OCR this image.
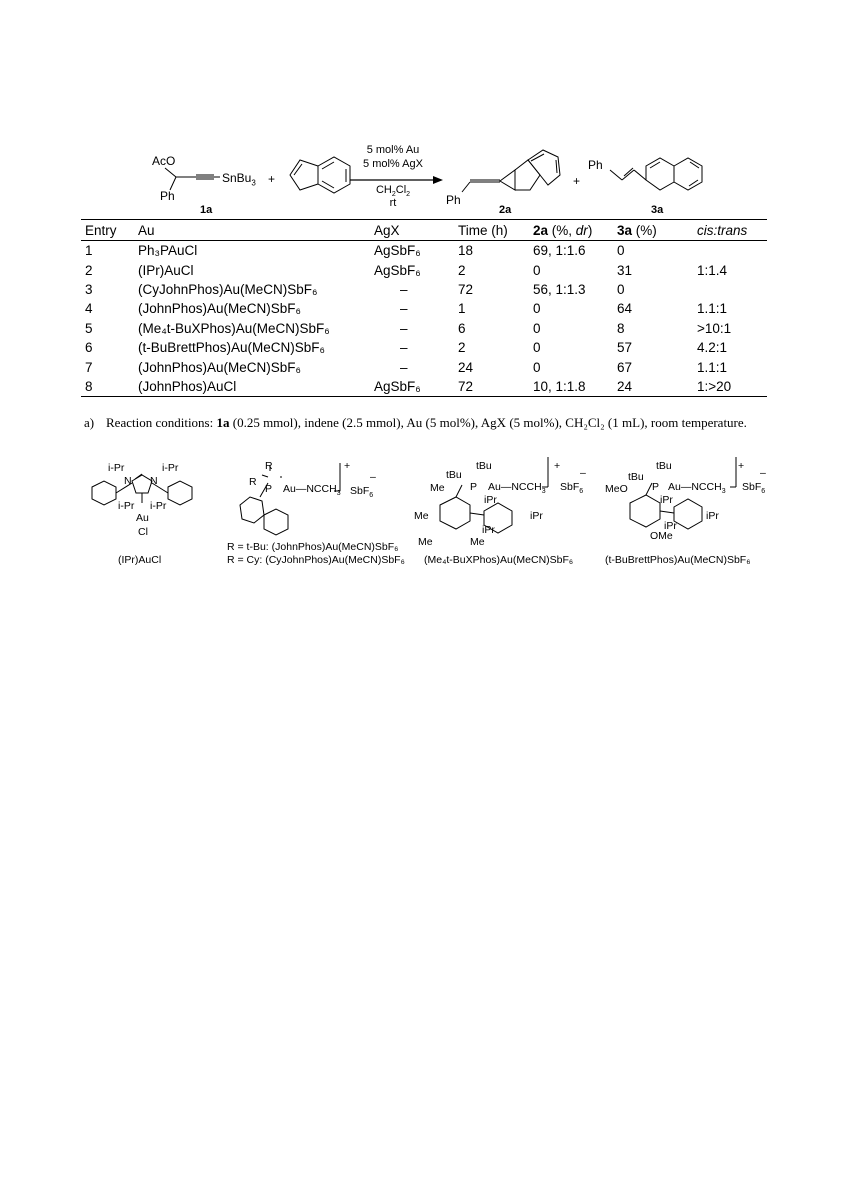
AcO
Ph
SnBu$_3$
1a
+
5 mol% Au
5 mol% AgX
$CH_2Cl_2$
rt	Ph
2a
+
Ph
3a
Entry	Au	AgX	Time (h)	2a (%, dr)	3a (%)	cis:trans
1	Ph₃PAuCl	AgSbF₆	18	69, 1:1.6	0	
2	(IPr)AuCl	AgSbF₆	2	0	31	1:1.4
3	(CyJohnPhos)Au(MeCN)SbF₆	–	72	56, 1:1.3	0	
4	(JohnPhos)Au(MeCN)SbF₆	–	1	0	64	1.1:1
5	(Me₄t-BuXPhos)Au(MeCN)SbF₆	–	6	0	8	>10:1
6	(t-BuBrettPhos)Au(MeCN)SbF₆	–	2	0	57	4.2:1
7	(JohnPhos)Au(MeCN)SbF₆	–	24	0	67	1.1:1
8	(JohnPhos)AuCl	AgSbF₆	72	10, 1:1.8	24	1:>20
a) Reaction conditions: 1a (0.25 mmol), indene (2.5 mmol), Au (5 mol%), AgX (5 mol%), CH₂Cl₂ (1 mL), room temperature.
i-Pr	i-Pr
N N
i-Pr i-Pr
Au
Cl
(IPr)AuCl
R
R
P $Au—NCCH_3$
+
SbF$_6$
–
R = t-Bu: (JohnPhos)Au(MeCN)SbF₆
R = Cy: (CyJohnPhos)Au(MeCN)SbF₆
tBu
tBu
P $Au—NCCH_3$
+
SbF$_6$
–
Me
Me
Me	Me
iPr
iPr
iPr
(Me₄t-BuXPhos)Au(MeCN)SbF₆
tBu
tBu
P $Au—NCCH_3$
+
SbF$_6$
–
MeO
OMe
iPr
iPr
iPr
(t-BuBrettPhos)Au(MeCN)SbF₆
